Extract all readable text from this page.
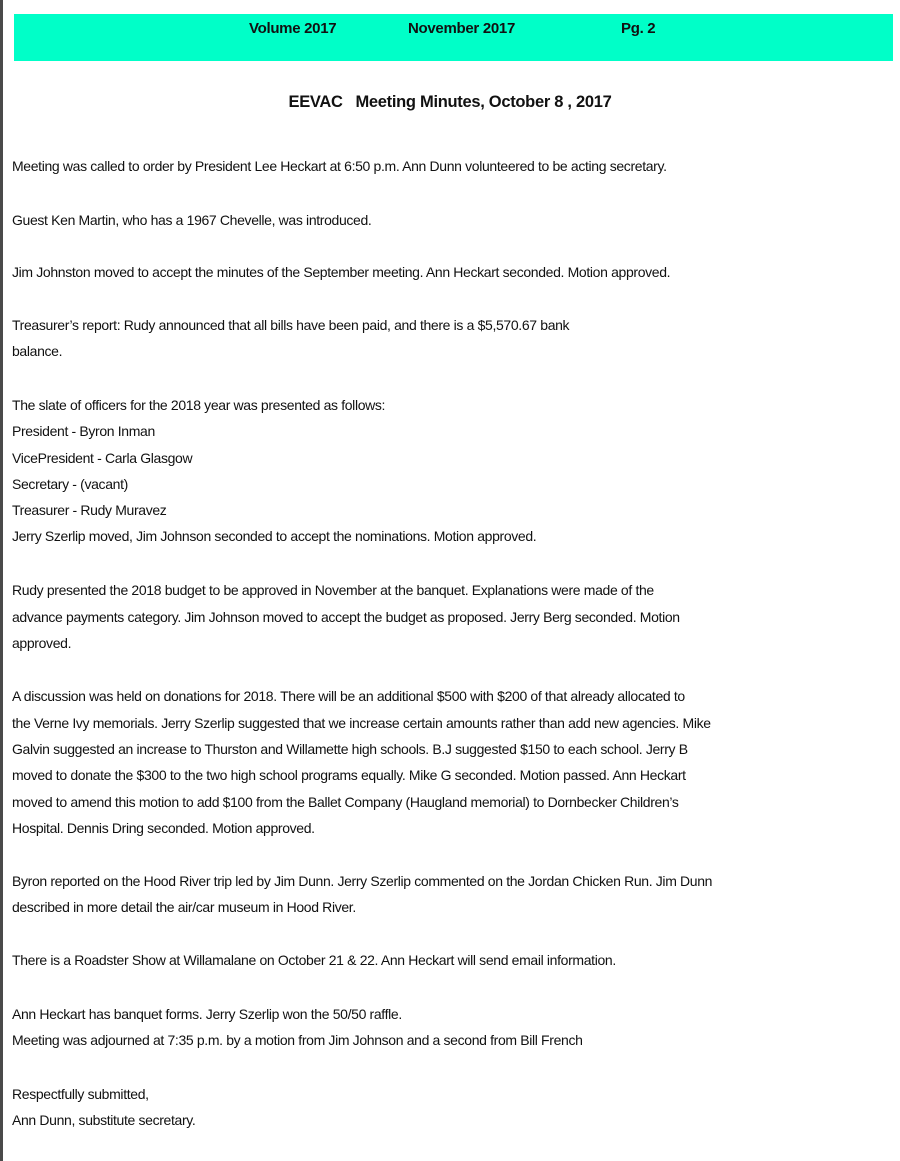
Volume 2017	November 2017	Pg. 2
EEVAC   Meeting Minutes, October 8 , 2017
Meeting was called to order by President Lee Heckart at 6:50 p.m. Ann Dunn volunteered to be acting secretary.
Guest Ken Martin, who has a 1967 Chevelle, was introduced.
Jim Johnston moved to accept the minutes of the September meeting. Ann Heckart seconded. Motion approved.
Treasurer’s report: Rudy announced that all bills have been paid, and there is a $5,570.67 bank
balance.
The slate of officers for the 2018 year was presented as follows:
President - Byron Inman
VicePresident - Carla Glasgow
Secretary - (vacant)
Treasurer - Rudy Muravez
Jerry Szerlip moved, Jim Johnson seconded to accept the nominations. Motion approved.
Rudy presented the 2018 budget to be approved in November at the banquet. Explanations were made of the
advance payments category. Jim Johnson moved to accept the budget as proposed. Jerry Berg seconded. Motion
approved.
A discussion was held on donations for 2018. There will be an additional $500 with $200 of that already allocated to
the Verne Ivy memorials. Jerry Szerlip suggested that we increase certain amounts rather than add new agencies. Mike
Galvin suggested an increase to Thurston and Willamette high schools. B.J suggested $150 to each school. Jerry B
moved to donate the $300 to the two high school programs equally. Mike G seconded. Motion passed. Ann Heckart
moved to amend this motion to add $100 from the Ballet Company (Haugland memorial) to Dornbecker Children’s
Hospital. Dennis Dring seconded. Motion approved.
Byron reported on the Hood River trip led by Jim Dunn. Jerry Szerlip commented on the Jordan Chicken Run. Jim Dunn
described in more detail the air/car museum in Hood River.
There is a Roadster Show at Willamalane on October 21 & 22. Ann Heckart will send email information.
Ann Heckart has banquet forms. Jerry Szerlip won the 50/50 raffle.
Meeting was adjourned at 7:35 p.m. by a motion from Jim Johnson and a second from Bill French
Respectfully submitted,
Ann Dunn, substitute secretary.
